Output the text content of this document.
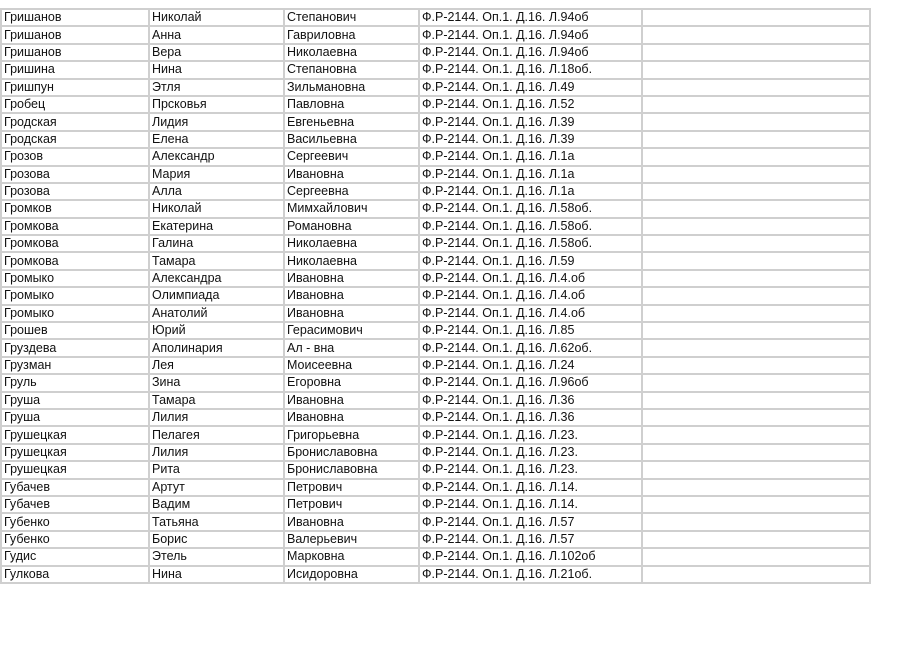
Гришанов	Николай	Степанович	Ф.Р-2144. Оп.1. Д.16. Л.94об	
Гришанов	Анна	Гавриловна	Ф.Р-2144. Оп.1. Д.16. Л.94об	
Гришанов	Вера	Николаевна	Ф.Р-2144. Оп.1. Д.16. Л.94об	
Гришина	Нина	Степановна	Ф.Р-2144. Оп.1. Д.16. Л.18об.	
Гришпун	Этля	Зильмановна	Ф.Р-2144. Оп.1. Д.16. Л.49	
Гробец	Прсковья	Павловна	Ф.Р-2144. Оп.1. Д.16. Л.52	
Гродская	Лидия	Евгеньевна	Ф.Р-2144. Оп.1. Д.16. Л.39	
Гродская	Елена	Васильевна	Ф.Р-2144. Оп.1. Д.16. Л.39	
Грозов	Александр	Сергеевич	Ф.Р-2144. Оп.1. Д.16. Л.1а	
Грозова	Мария	Ивановна	Ф.Р-2144. Оп.1. Д.16. Л.1а	
Грозова	Алла	Сергеевна	Ф.Р-2144. Оп.1. Д.16. Л.1а	
Громков	Николай	Мимхайлович	Ф.Р-2144. Оп.1. Д.16. Л.58об.	
Громкова	Екатерина	Романовна	Ф.Р-2144. Оп.1. Д.16. Л.58об.	
Громкова	Галина	Николаевна	Ф.Р-2144. Оп.1. Д.16. Л.58об.	
Громкова	Тамара	Николаевна	Ф.Р-2144. Оп.1. Д.16. Л.59	
Громыко	Александра	Ивановна	Ф.Р-2144. Оп.1. Д.16. Л.4.об	
Громыко	Олимпиада	Ивановна	Ф.Р-2144. Оп.1. Д.16. Л.4.об	
Громыко	Анатолий	Ивановна	Ф.Р-2144. Оп.1. Д.16. Л.4.об	
Грошев	Юрий	Герасимович	Ф.Р-2144. Оп.1. Д.16. Л.85	
Груздева	Аполинария	Ал - вна	Ф.Р-2144. Оп.1. Д.16. Л.62об.	
Грузман	Лея	Моисеевна	Ф.Р-2144. Оп.1. Д.16. Л.24	
Груль	Зина	Егоровна	Ф.Р-2144. Оп.1. Д.16. Л.96об	
Груша	Тамара	Ивановна	Ф.Р-2144. Оп.1. Д.16. Л.36	
Груша	Лилия	Ивановна	Ф.Р-2144. Оп.1. Д.16. Л.36	
Грушецкая	Пелагея	Григорьевна	Ф.Р-2144. Оп.1. Д.16. Л.23.	
Грушецкая	Лилия	Брониславовна	Ф.Р-2144. Оп.1. Д.16. Л.23.	
Грушецкая	Рита	Брониславовна	Ф.Р-2144. Оп.1. Д.16. Л.23.	
Губачев	Артут	Петрович	Ф.Р-2144. Оп.1. Д.16. Л.14.	
Губачев	Вадим	Петрович	Ф.Р-2144. Оп.1. Д.16. Л.14.	
Губенко	Татьяна	Ивановна	Ф.Р-2144. Оп.1. Д.16. Л.57	
Губенко	Борис	Валерьевич	Ф.Р-2144. Оп.1. Д.16. Л.57	
Гудис	Этель	Марковна	Ф.Р-2144. Оп.1. Д.16. Л.102об	
Гулкова	Нина	Исидоровна	Ф.Р-2144. Оп.1. Д.16. Л.21об.	
